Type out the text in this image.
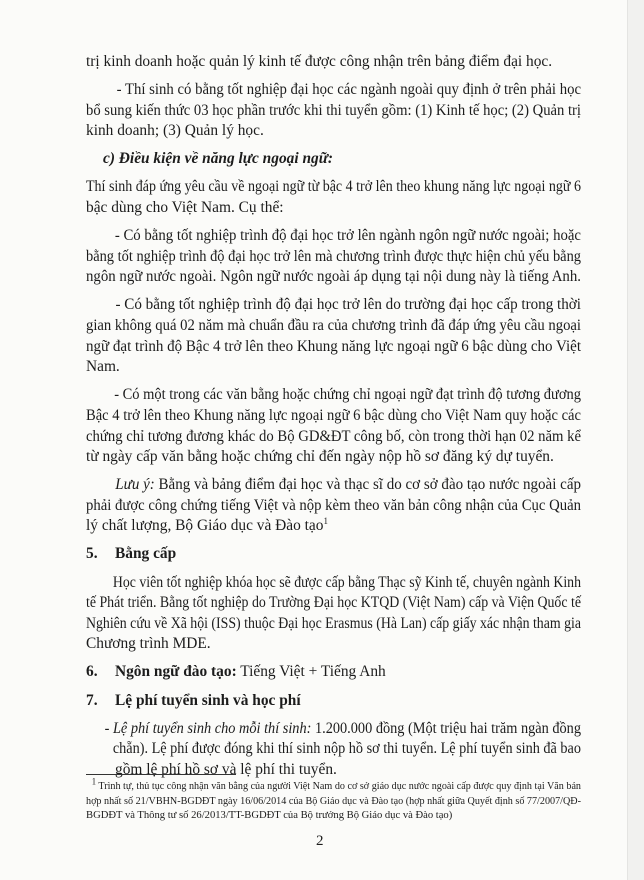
trị kinh doanh hoặc quản lý kinh tế được công nhận trên bảng điểm đại học.
- Thí sinh có bằng tốt nghiệp đại học các ngành ngoài quy định ở trên phải học
bổ sung kiến thức 03 học phần trước khi thi tuyển gồm: (1) Kinh tế học; (2) Quản trị
kinh doanh; (3) Quản lý học.
c) Điều kiện về năng lực ngoại ngữ:
Thí sinh đáp ứng yêu cầu về ngoại ngữ từ bậc 4 trở lên theo khung năng lực ngoại ngữ 6
bậc dùng cho Việt Nam. Cụ thể:
- Có bằng tốt nghiệp trình độ đại học trở lên ngành ngôn ngữ nước ngoài; hoặc
bằng tốt nghiệp trình độ đại học trở lên mà chương trình được thực hiện chủ yếu bằng
ngôn ngữ nước ngoài. Ngôn ngữ nước ngoài áp dụng tại nội dung này là tiếng Anh.
- Có bằng tốt nghiệp trình độ đại học trở lên do trường đại học cấp trong thời
gian không quá 02 năm mà chuẩn đầu ra của chương trình đã đáp ứng yêu cầu ngoại
ngữ đạt trình độ Bậc 4 trở lên theo Khung năng lực ngoại ngữ 6 bậc dùng cho Việt
Nam.
- Có một trong các văn bằng hoặc chứng chỉ ngoại ngữ đạt trình độ tương đương
Bậc 4 trở lên theo Khung năng lực ngoại ngữ 6 bậc dùng cho Việt Nam quy hoặc các
chứng chỉ tương đương khác do Bộ GD&ĐT công bố, còn trong thời hạn 02 năm kể
từ ngày cấp văn bằng hoặc chứng chỉ đến ngày nộp hồ sơ đăng ký dự tuyển.
Lưu ý: Bằng và bảng điểm đại học và thạc sĩ do cơ sở đào tạo nước ngoài cấp
phải được công chứng tiếng Việt và nộp kèm theo văn bản công nhận của Cục Quản
lý chất lượng, Bộ Giáo dục và Đào tạo$^1$
5. Bằng cấp
Học viên tốt nghiệp khóa học sẽ được cấp bằng Thạc sỹ Kinh tế, chuyên ngành Kinh
tế Phát triển. Bằng tốt nghiệp do Trường Đại học KTQD (Việt Nam) cấp và Viện Quốc tế
Nghiên cứu về Xã hội (ISS) thuộc Đại học Erasmus (Hà Lan) cấp giấy xác nhận tham gia
Chương trình MDE.
6. Ngôn ngữ đào tạo: Tiếng Việt + Tiếng Anh
7. Lệ phí tuyển sinh và học phí
- Lệ phí tuyển sinh cho mỗi thí sinh: 1.200.000 đồng (Một triệu hai trăm ngàn đồng
chẵn). Lệ phí được đóng khi thí sinh nộp hồ sơ thi tuyển. Lệ phí tuyển sinh đã bao
gồm lệ phí hồ sơ và lệ phí thi tuyển.
$^1$ Trình tự, thủ tục công nhận văn bằng của người Việt Nam do cơ sở giáo dục nước ngoài cấp được quy định tại Văn bản
hợp nhất số 21/VBHN-BGDĐT ngày 16/06/2014 của Bộ Giáo dục và Đào tạo (hợp nhất giữa Quyết định số 77/2007/QĐ-
BGDĐT và Thông tư số 26/2013/TT-BGDĐT của Bộ trưởng Bộ Giáo dục và Đào tạo)
2
